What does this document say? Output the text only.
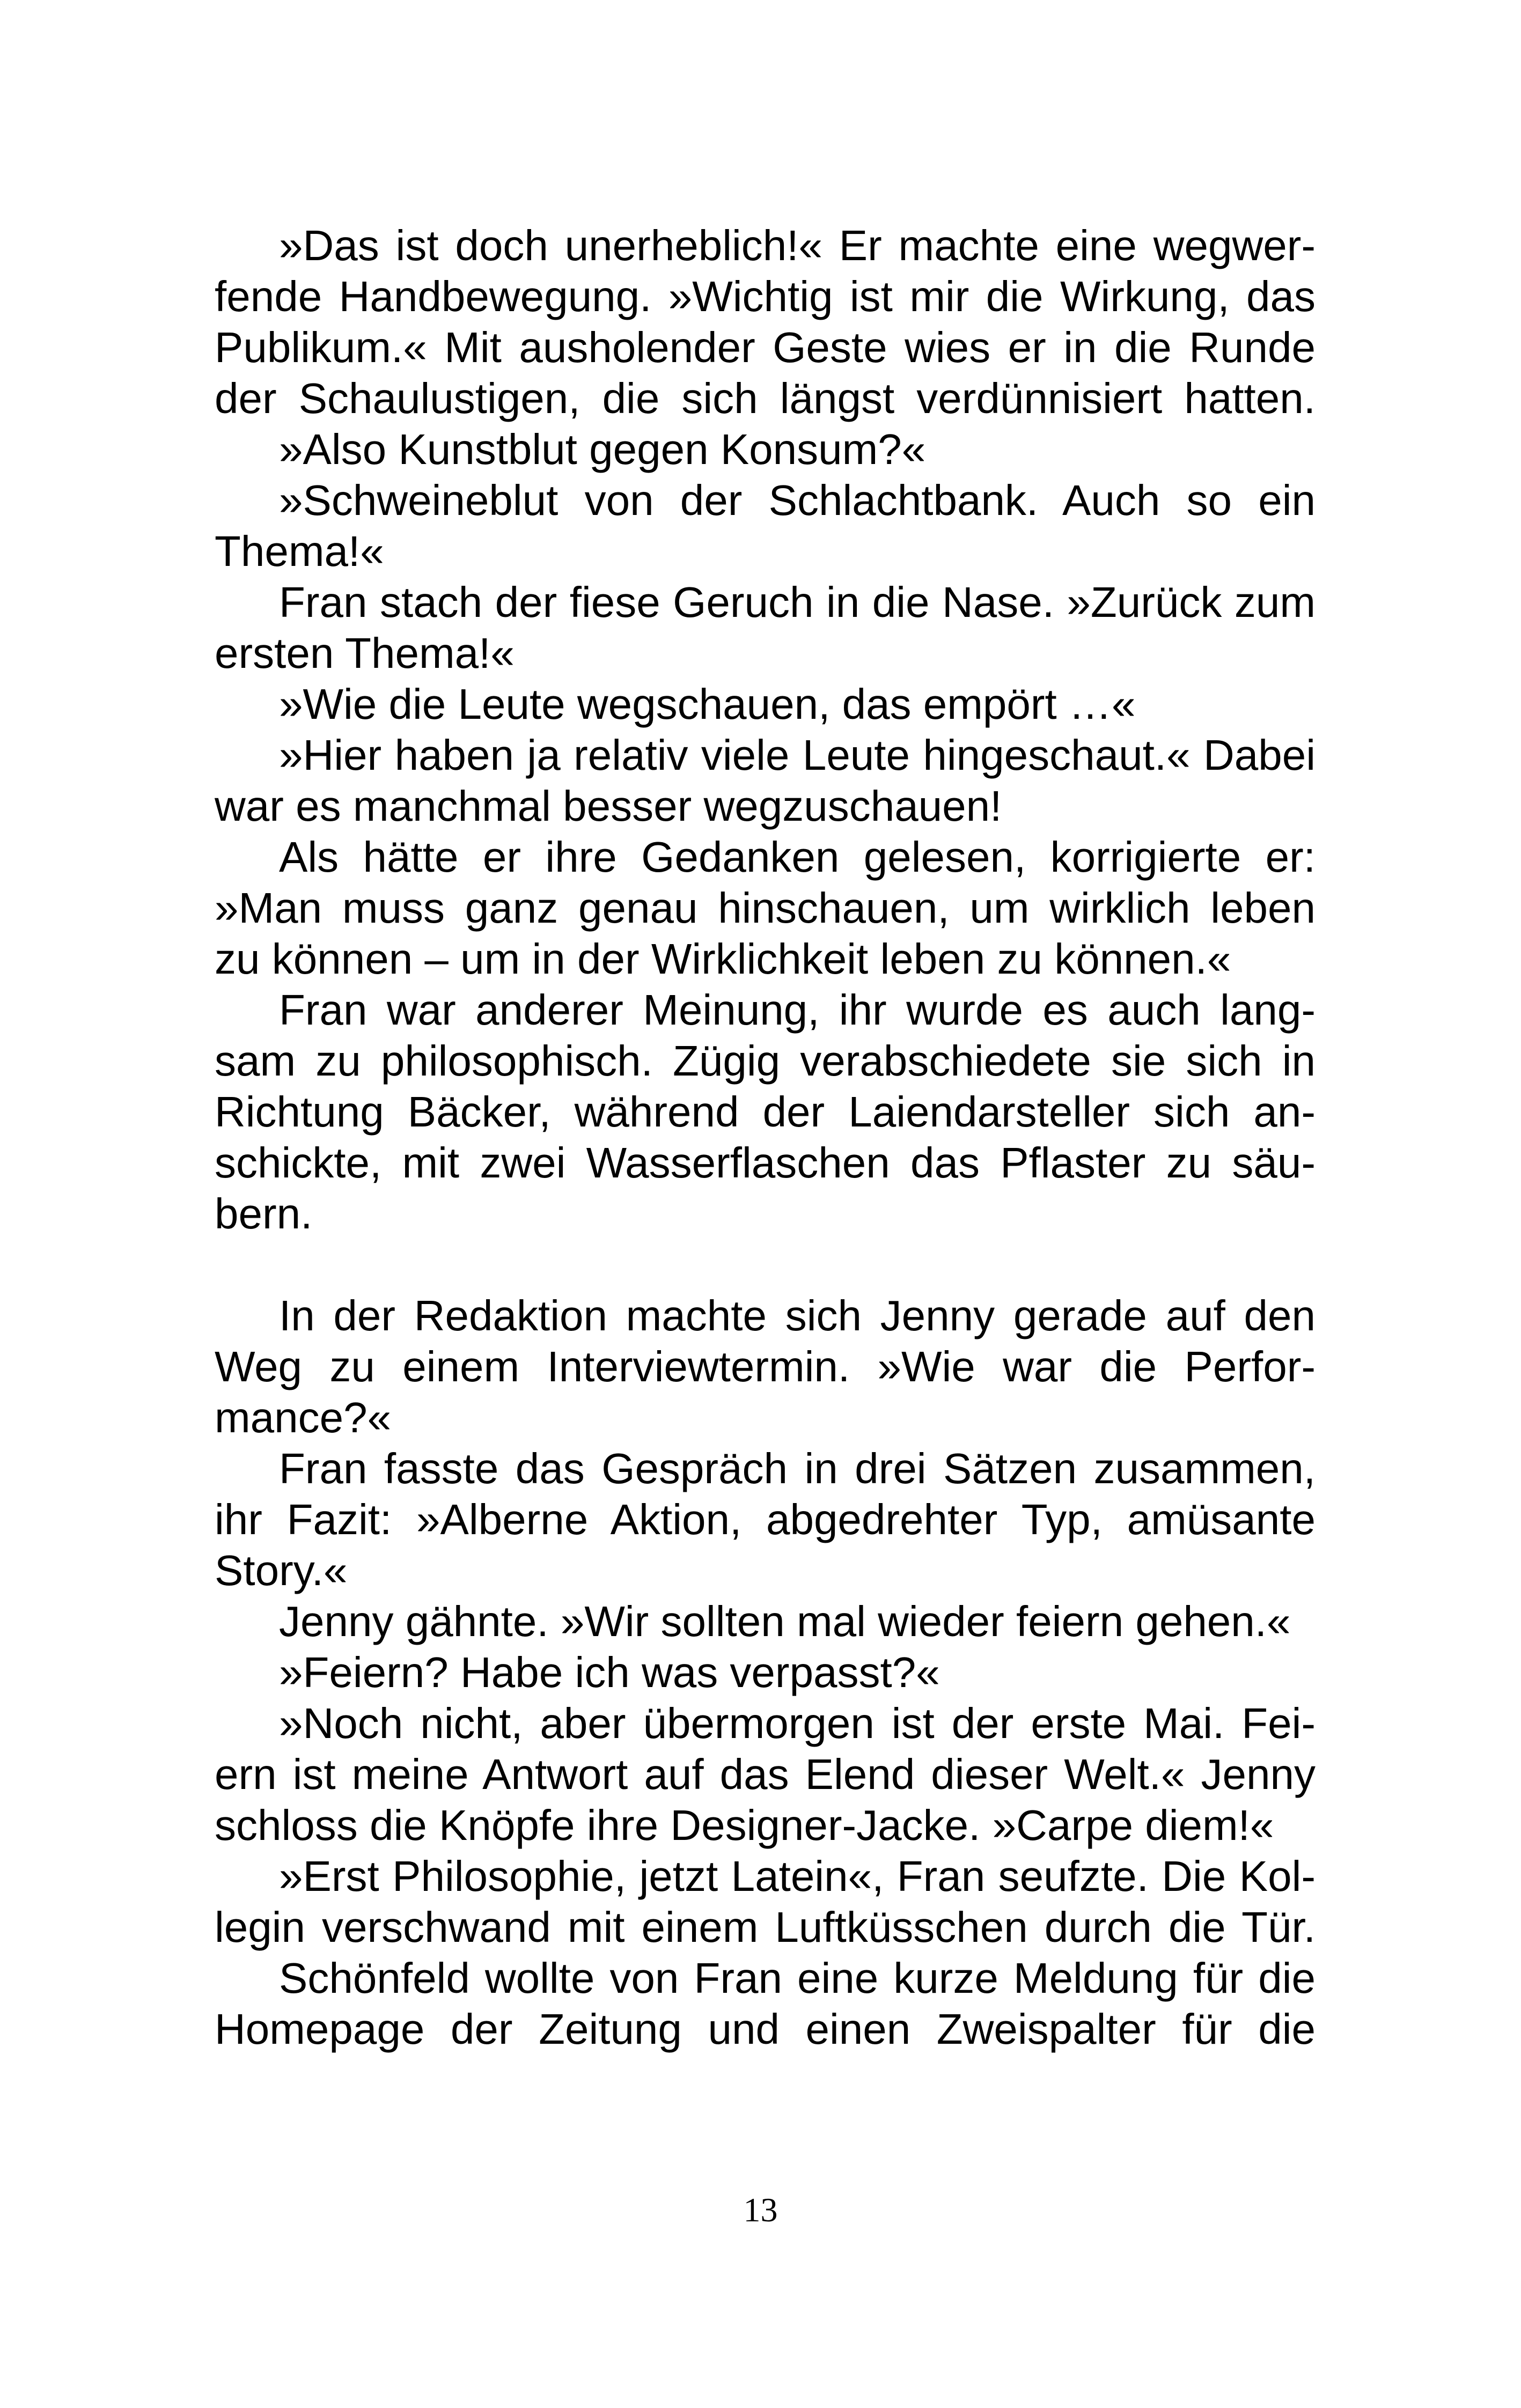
»Das ist doch unerheblich!« Er machte eine wegwer-
fende Handbewegung. »Wichtig ist mir die Wirkung, das
Publikum.« Mit ausholender Geste wies er in die Runde
der Schaulustigen, die sich längst verdünnisiert hatten.
»Also Kunstblut gegen Konsum?«
»Schweineblut von der Schlachtbank. Auch so ein
Thema!«
Fran stach der fiese Geruch in die Nase. »Zurück zum
ersten Thema!«
»Wie die Leute wegschauen, das empört …«
»Hier haben ja relativ viele Leute hingeschaut.« Dabei
war es manchmal besser wegzuschauen!
Als hätte er ihre Gedanken gelesen, korrigierte er:
»Man muss ganz genau hinschauen, um wirklich leben
zu können – um in der Wirklichkeit leben zu können.«
Fran war anderer Meinung, ihr wurde es auch lang-
sam zu philosophisch. Zügig verabschiedete sie sich in
Richtung Bäcker, während der Laiendarsteller sich an-
schickte, mit zwei Wasserflaschen das Pflaster zu säu-
bern.
In der Redaktion machte sich Jenny gerade auf den
Weg zu einem Interviewtermin. »Wie war die Perfor-
mance?«
Fran fasste das Gespräch in drei Sätzen zusammen,
ihr Fazit: »Alberne Aktion, abgedrehter Typ, amüsante
Story.«
Jenny gähnte. »Wir sollten mal wieder feiern gehen.«
»Feiern? Habe ich was verpasst?«
»Noch nicht, aber übermorgen ist der erste Mai. Fei-
ern ist meine Antwort auf das Elend dieser Welt.« Jenny
schloss die Knöpfe ihre Designer-Jacke. »Carpe diem!«
»Erst Philosophie, jetzt Latein«, Fran seufzte. Die Kol-
legin verschwand mit einem Luftküsschen durch die Tür.
Schönfeld wollte von Fran eine kurze Meldung für die
Homepage der Zeitung und einen Zweispalter für die
13
